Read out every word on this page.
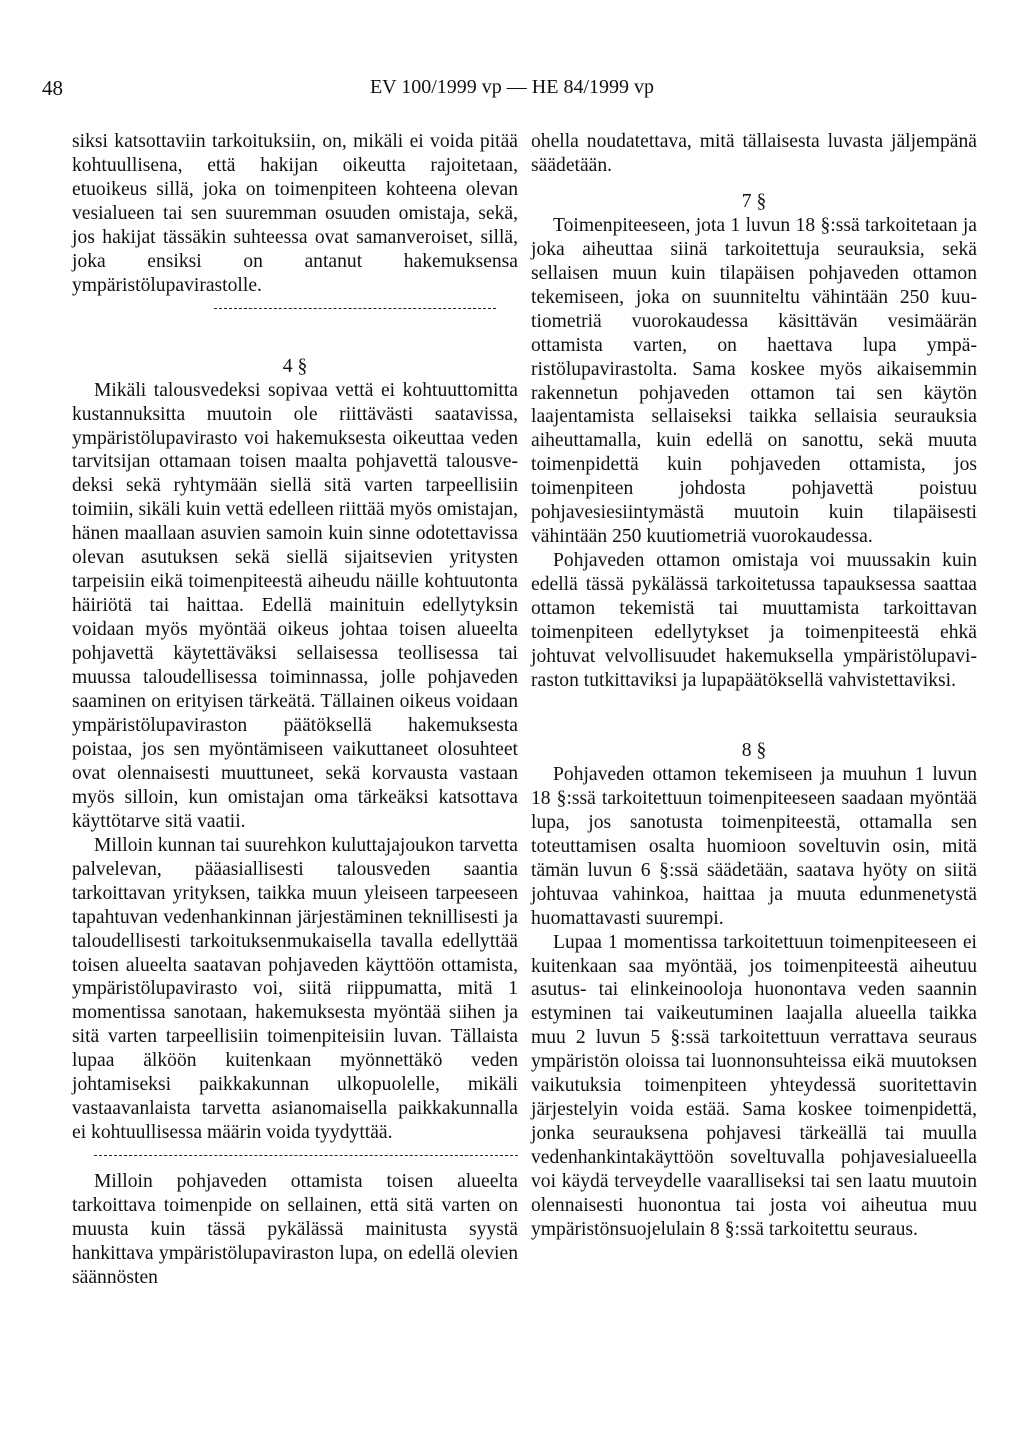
48	EV 100/1999 vp — HE 84/1999 vp

siksi katsottaviin tarkoituksiin, on, mikäli ei voida pitää kohtuullisena, että hakijan oikeutta rajoitetaan, etuoikeus sillä, joka on toimenpiteen kohteena olevan vesialueen tai sen suuremman osuuden omistaja, sekä, jos hakijat tässäkin suhteessa ovat samanveroiset, sillä, joka ensiksi on antanut hakemuksensa ympäristölupavirastolle.

4 §

Mikäli talousvedeksi sopivaa vettä ei kohtuuttomitta kustannuksitta muutoin ole riittävästi saatavissa, ympäristölupavirasto voi hakemuksesta oikeuttaa veden tarvitsijan ottamaan toisen maalta pohjavettä talousvedeksi sekä ryhtymään siellä sitä varten tarpeellisiin toimiin, sikäli kuin vettä edelleen riittää myös omistajan, hänen maallaan asuvien samoin kuin sinne odotettavissa olevan asutuksen sekä siellä sijaitsevien yritysten tarpeisiin eikä toimenpiteestä aiheudu näille kohtuutonta häiriötä tai haittaa. Edellä mainituin edellytyksin voidaan myös myöntää oikeus johtaa toisen alueelta pohjavettä käytettäväksi sellaisessa teollisessa tai muussa taloudellisessa toiminnassa, jolle pohjaveden saaminen on erityisen tärkeätä. Tällainen oikeus voidaan ympäristölupaviraston päätöksellä hakemuksesta poistaa, jos sen myöntämiseen vaikuttaneet olosuhteet ovat olennaisesti muuttuneet, sekä korvausta vastaan myös silloin, kun omistajan oma tärkeäksi katsottava käyttötarve sitä vaatii.

Milloin kunnan tai suurehkon kuluttajajoukon tarvetta palvelevan, pääasiallisesti talousveden saantia tarkoittavan yrityksen, taikka muun yleiseen tarpeeseen tapahtuvan vedenhankinnan järjestäminen teknillisesti ja taloudellisesti tarkoituksenmukaisella tavalla edellyttää toisen alueelta saatavan pohjaveden käyttöön ottamista, ympäristölupavirasto voi, siitä riippumatta, mitä 1 momentissa sanotaan, hakemuksesta myöntää siihen ja sitä varten tarpeellisiin toimenpiteisiin luvan. Tällaista lupaa älköön kuitenkaan myönnettäkö veden johtamiseksi paikkakunnan ulkopuolelle, mikäli vastaavanlaista tarvetta asianomaisella paikkakunnalla ei kohtuullisessa määrin voida tyydyttää.

Milloin pohjaveden ottamista toisen alueelta tarkoittava toimenpide on sellainen, että sitä varten on muusta kuin tässä pykälässä mainitusta syystä hankittava ympäristölupaviraston lupa, on edellä olevien säännösten

ohella noudatettava, mitä tällaisesta luvasta jäljempänä säädetään.

7 §

Toimenpiteeseen, jota 1 luvun 18 §:ssä tarkoitetaan ja joka aiheuttaa siinä tarkoitettuja seurauksia, sekä sellaisen muun kuin tilapäisen pohjaveden ottamon tekemiseen, joka on suunniteltu vähintään 250 kuutiometriä vuorokaudessa käsittävän vesimäärän ottamista varten, on haettava lupa ympäristölupavirastolta. Sama koskee myös aikaisemmin rakennetun pohjaveden ottamon tai sen käytön laajentamista sellaiseksi taikka sellaisia seurauksia aiheuttamalla, kuin edellä on sanottu, sekä muuta toimenpidettä kuin pohjaveden ottamista, jos toimenpiteen johdosta pohjavettä poistuu pohjavesiesiintymästä muutoin kuin tilapäisesti vähintään 250 kuutiometriä vuorokaudessa.

Pohjaveden ottamon omistaja voi muussakin kuin edellä tässä pykälässä tarkoitetussa tapauksessa saattaa ottamon tekemistä tai muuttamista tarkoittavan toimenpiteen edellytykset ja toimenpiteestä ehkä johtuvat velvollisuudet hakemuksella ympäristölupaviraston tutkittaviksi ja lupapäätöksellä vahvistettaviksi.

8 §

Pohjaveden ottamon tekemiseen ja muuhun 1 luvun 18 §:ssä tarkoitettuun toimenpiteeseen saadaan myöntää lupa, jos sanotusta toimenpiteestä, ottamalla sen toteuttamisen osalta huomioon soveltuvin osin, mitä tämän luvun 6 §:ssä säädetään, saatava hyöty on siitä johtuvaa vahinkoa, haittaa ja muuta edunmenetystä huomattavasti suurempi.

Lupaa 1 momentissa tarkoitettuun toimenpiteeseen ei kuitenkaan saa myöntää, jos toimenpiteestä aiheutuu asutus- tai elinkeinooloja huonontava veden saannin estyminen tai vaikeutuminen laajalla alueella taikka muu 2 luvun 5 §:ssä tarkoitettuun verrattava seuraus ympäristön oloissa tai luonnonsuhteissa eikä muutoksen vaikutuksia toimenpiteen yhteydessä suoritettavin järjestelyin voida estää. Sama koskee toimenpidettä, jonka seurauksena pohjavesi tärkeällä tai muulla vedenhankintakäyttöön soveltuvalla pohjavesialueella voi käydä terveydelle vaaralliseksi tai sen laatu muutoin olennaisesti huonontua tai josta voi aiheutua muu ympäristönsuojelulain 8 §:ssä tarkoitettu seuraus.
